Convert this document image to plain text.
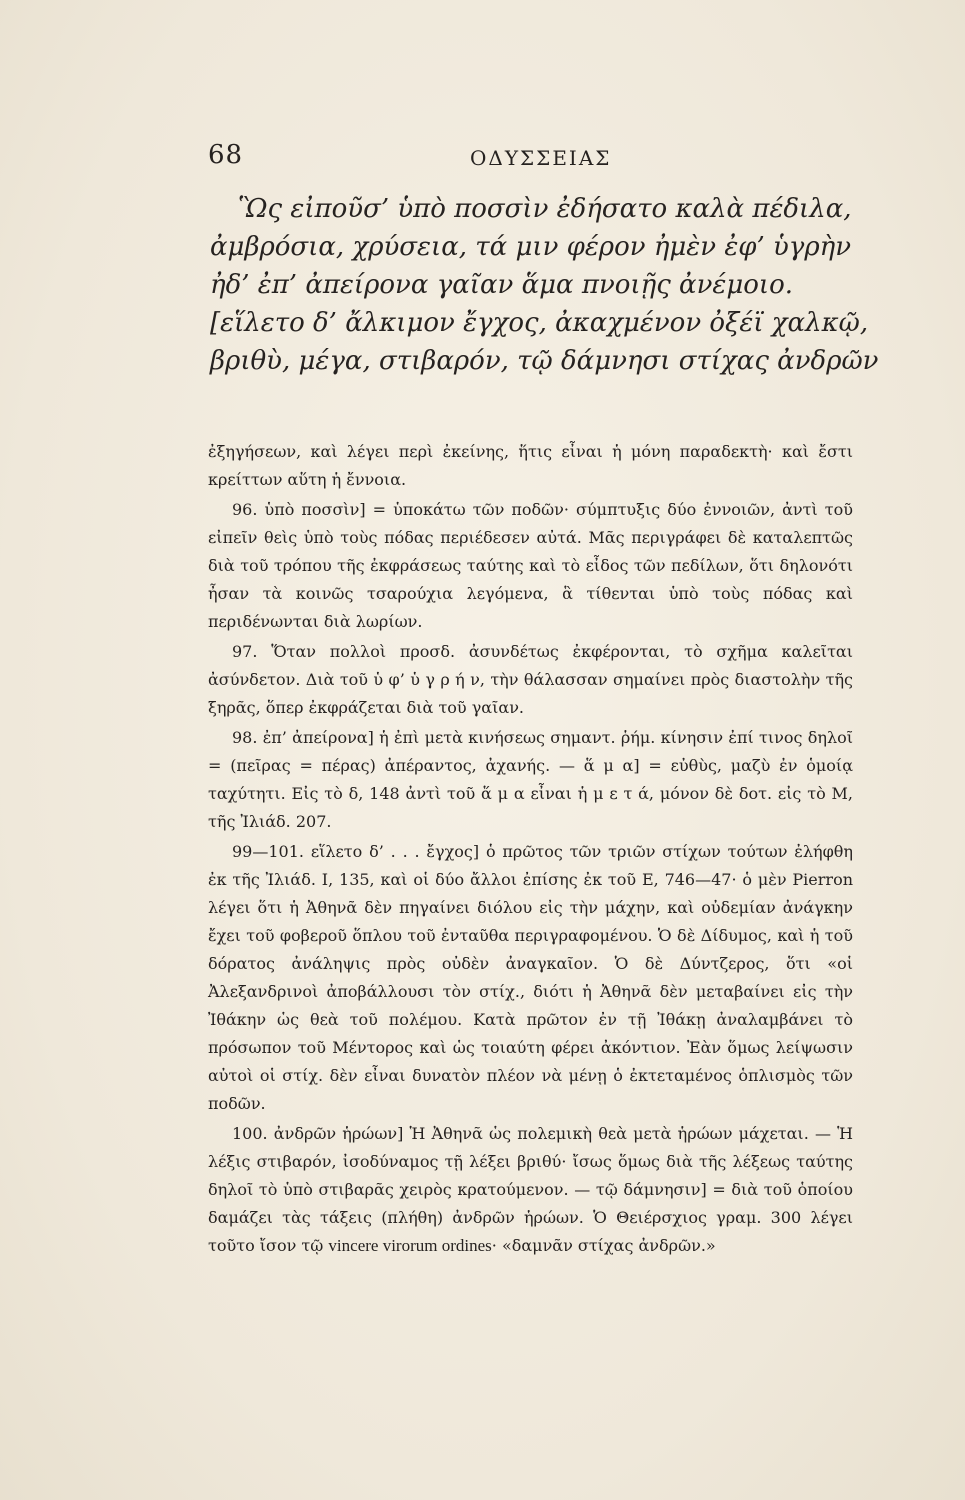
68	ΟΔΥΣΣΕΙΑΣ
Ὣς εἰποῦσ’ ὑπὸ ποσσὶν ἐδήσατο καλὰ πέδιλα,
ἀμβρόσια, χρύσεια, τά μιν φέρον ἠμὲν ἐφ’ ὑγρὴν
ἠδ’ ἐπ’ ἀπείρονα γαῖαν ἅμα πνοιῇς ἀνέμοιο.
[εἵλετο δ’ ἄλκιμον ἔγχος, ἀκαχμένον ὀξέϊ χαλκῷ,
βριθὺ, μέγα, στιβαρόν, τῷ δάμνησι στίχας ἀνδρῶν

ἐξηγήσεων, καὶ λέγει περὶ ἐκείνης, ἥτις εἶναι ἡ μόνη παραδεκτὴ· καὶ ἔστι κρείττων αὕτη ἡ ἔννοια.

96. ὑπὸ ποσσὶν] = ὑποκάτω τῶν ποδῶν· σύμπτυξις δύο ἐννοιῶν, ἀντὶ τοῦ εἰπεῖν θεὶς ὑπὸ τοὺς πόδας περιέδεσεν αὐτά. Μᾶς περιγράφει δὲ καταλεπτῶς διὰ τοῦ τρόπου τῆς ἐκφράσεως ταύτης καὶ τὸ εἶδος τῶν πεδίλων, ὅτι δηλονότι ἦσαν τὰ κοινῶς τσαρούχια λεγόμενα, ἃ τίθενται ὑπὸ τοὺς πόδας καὶ περιδένωνται διὰ λωρίων.

97. Ὅταν πολλοὶ προσδ. ἀσυνδέτως ἐκφέρονται, τὸ σχῆμα καλεῖται ἀσύνδετον. Διὰ τοῦ ὑ φ’ ὑ γ ρ ή ν, τὴν θάλασσαν σημαίνει πρὸς διαστολὴν τῆς ξηρᾶς, ὅπερ ἐκφράζεται διὰ τοῦ γαῖαν.

98. ἐπ’ ἀπείρονα] ἡ ἐπὶ μετὰ κινήσεως σημαντ. ῥήμ. κίνησιν ἐπί τινος δηλοῖ = (πεῖρας = πέρας) ἀπέραντος, ἀχανής. — ἅ μ α] = εὐθὺς, μαζὺ ἐν ὁμοίᾳ ταχύτητι. Εἰς τὸ δ, 148 ἀντὶ τοῦ ἅ μ α εἶναι ἡ μ ε τ ά, μόνον δὲ δοτ. εἰς τὸ Μ, τῆς Ἰλιάδ. 207.

99—101. εἵλετο δ’ . . . ἔγχος] ὁ πρῶτος τῶν τριῶν στίχων τούτων ἐλήφθη ἐκ τῆς Ἰλιάδ. Ι, 135, καὶ οἱ δύο ἄλλοι ἐπίσης ἐκ τοῦ Ε, 746—47· ὁ μὲν Pierron λέγει ὅτι ἡ Ἀθηνᾶ δὲν πηγαίνει διόλου εἰς τὴν μάχην, καὶ οὐδεμίαν ἀνάγκην ἔχει τοῦ φοβεροῦ ὅπλου τοῦ ἐνταῦθα περιγραφομένου. Ὁ δὲ Δίδυμος, καὶ ἡ τοῦ δόρατος ἀνάληψις πρὸς οὐδὲν ἀναγκαῖον. Ὁ δὲ Δύντζερος, ὅτι «οἱ Ἀλεξανδρινοὶ ἀποβάλλουσι τὸν στίχ., διότι ἡ Ἀθηνᾶ δὲν μεταβαίνει εἰς τὴν Ἰθάκην ὡς θεὰ τοῦ πολέμου. Κατὰ πρῶτον ἐν τῇ Ἰθάκῃ ἀναλαμβάνει τὸ πρόσωπον τοῦ Μέντορος καὶ ὡς τοιαύτη φέρει ἀκόντιον. Ἐὰν ὅμως λείψωσιν αὐτοὶ οἱ στίχ. δὲν εἶναι δυνατὸν πλέον νὰ μένῃ ὁ ἐκτεταμένος ὁπλισμὸς τῶν ποδῶν.

100. ἀνδρῶν ἡρώων] Ἡ Ἀθηνᾶ ὡς πολεμικὴ θεὰ μετὰ ἡρώων μάχεται. — Ἡ λέξις στιβαρόν, ἰσοδύναμος τῇ λέξει βριθύ· ἴσως ὅμως διὰ τῆς λέξεως ταύτης δηλοῖ τὸ ὑπὸ στιβαρᾶς χειρὸς κρατούμενον. — τῷ δάμνησιν] = διὰ τοῦ ὁποίου δαμάζει τὰς τάξεις (πλήθη) ἀνδρῶν ἡρώων. Ὁ Θειέρσχιος γραμ. 300 λέγει τοῦτο ἴσον τῷ vincere virorum ordines· «δαμνᾶν στίχας ἀνδρῶν.»
